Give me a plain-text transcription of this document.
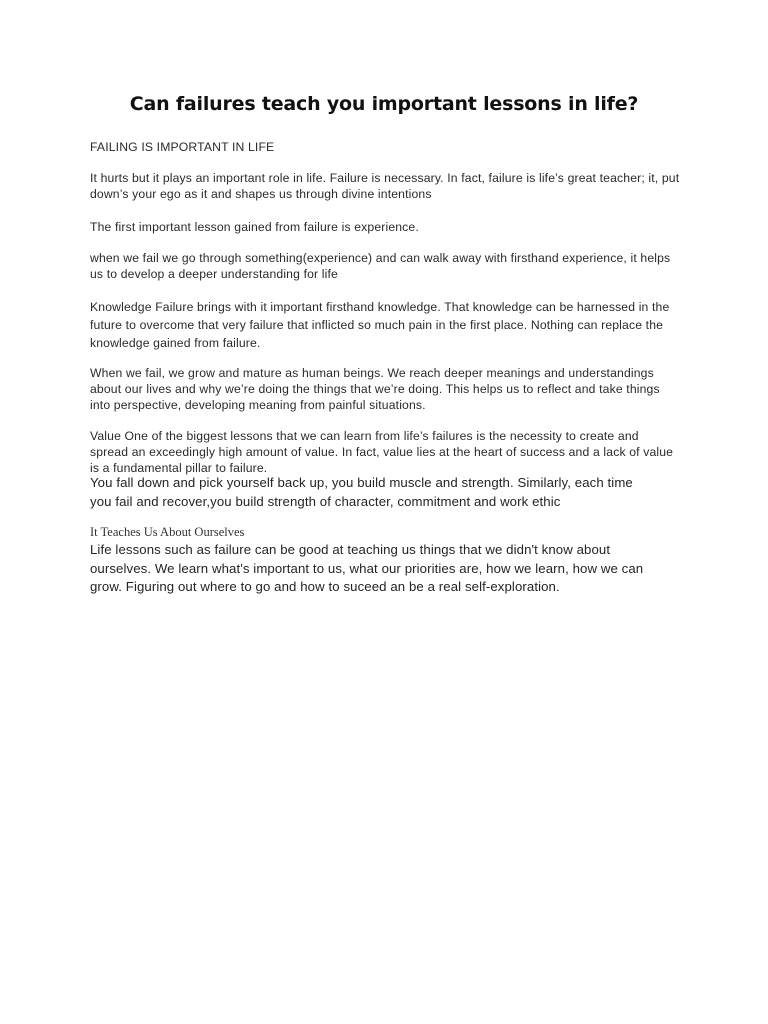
Can failures teach you important lessons in life?

FAILING IS IMPORTANT IN LIFE

It hurts but it plays an important role in life. Failure is necessary. In fact, failure is life’s great teacher; it, put down’s your ego as it and shapes us through divine intentions

The first important lesson gained from failure is experience.

when we fail we go through something(experience) and can walk away with firsthand experience, it helps us to develop a deeper understanding for life

Knowledge Failure brings with it important firsthand knowledge. That knowledge can be harnessed in the future to overcome that very failure that inflicted so much pain in the first place. Nothing can replace the knowledge gained from failure.

When we fail, we grow and mature as human beings. We reach deeper meanings and understandings about our lives and why we’re doing the things that we’re doing. This helps us to reflect and take things into perspective, developing meaning from painful situations.

Value One of the biggest lessons that we can learn from life’s failures is the necessity to create and spread an exceedingly high amount of value. In fact, value lies at the heart of success and a lack of value is a fundamental pillar to failure.

You fall down and pick yourself back up, you build muscle and strength. Similarly, each time you fail and recover,you build strength of character, commitment and work ethic

It Teaches Us About Ourselves

Life lessons such as failure can be good at teaching us things that we didn't know about ourselves. We learn what's important to us, what our priorities are, how we learn, how we can grow. Figuring out where to go and how to suceed an be a real self-exploration.
